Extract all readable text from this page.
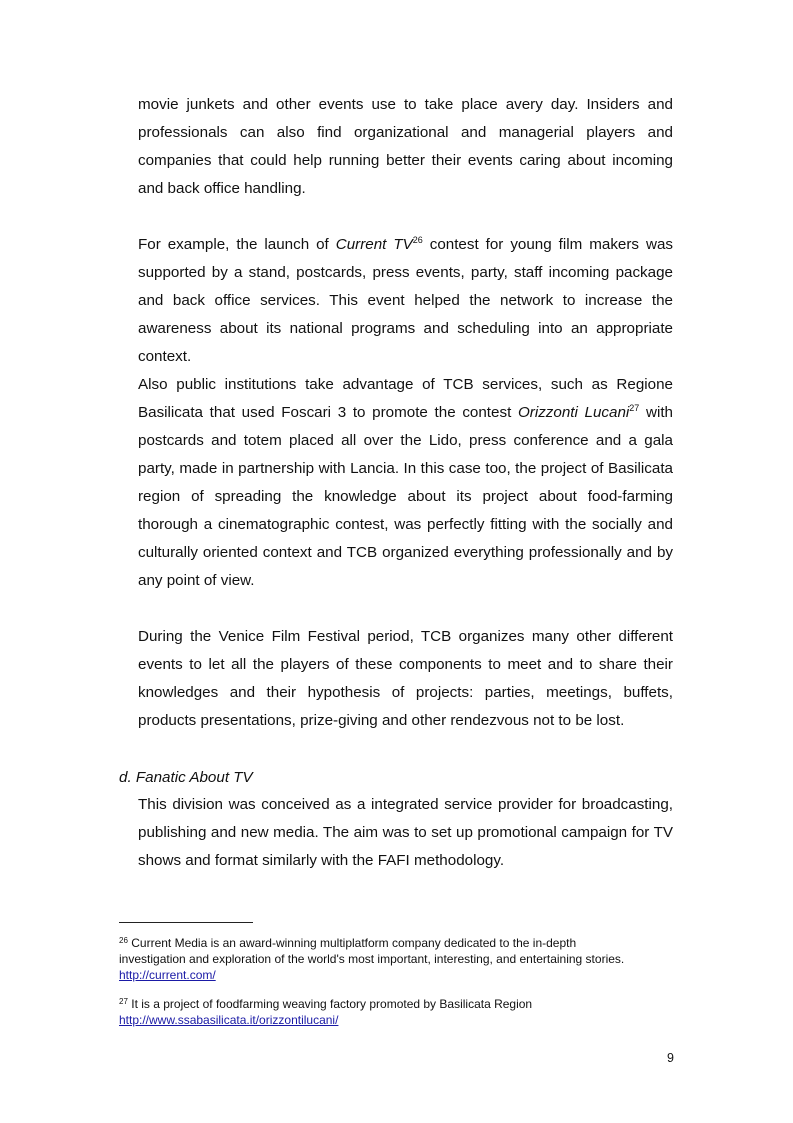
movie junkets and other events use to take place avery day. Insiders and professionals can also find organizational and managerial players and companies that could help running better their events caring about incoming and back office handling.

For example, the launch of Current TV$^{26}$ contest for young film makers was supported by a stand, postcards, press events, party, staff incoming package and back office services. This event helped the network to increase the awareness about its national programs and scheduling into an appropriate context.

Also public institutions take advantage of TCB services, such as Regione Basilicata that used Foscari 3 to promote the contest Orizzonti Lucani$^{27}$ with postcards and totem placed all over the Lido, press conference and a gala party, made in partnership with Lancia. In this case too, the project of Basilicata region of spreading the knowledge about its project about food-farming thorough a cinematographic contest, was perfectly fitting with the socially and culturally oriented context and TCB organized everything professionally and by any point of view.

During the Venice Film Festival period, TCB organizes many other different events to let all the players of these components to meet and to share their knowledges and their hypothesis of projects: parties, meetings, buffets, products presentations, prize-giving and other rendezvous not to be lost.

d. Fanatic About TV

This division was conceived as a integrated service provider for broadcasting, publishing and new media. The aim was to set up promotional campaign for TV shows and format similarly with the FAFI methodology.

$^{26}$ Current Media is an award-winning multiplatform company dedicated to the in-depth investigation and exploration of the world's most important, interesting, and entertaining stories. http://current.com/

$^{27}$ It is a project of foodfarming weaving factory promoted by Basilicata Region http://www.ssabasilicata.it/orizzontilucani/

9
